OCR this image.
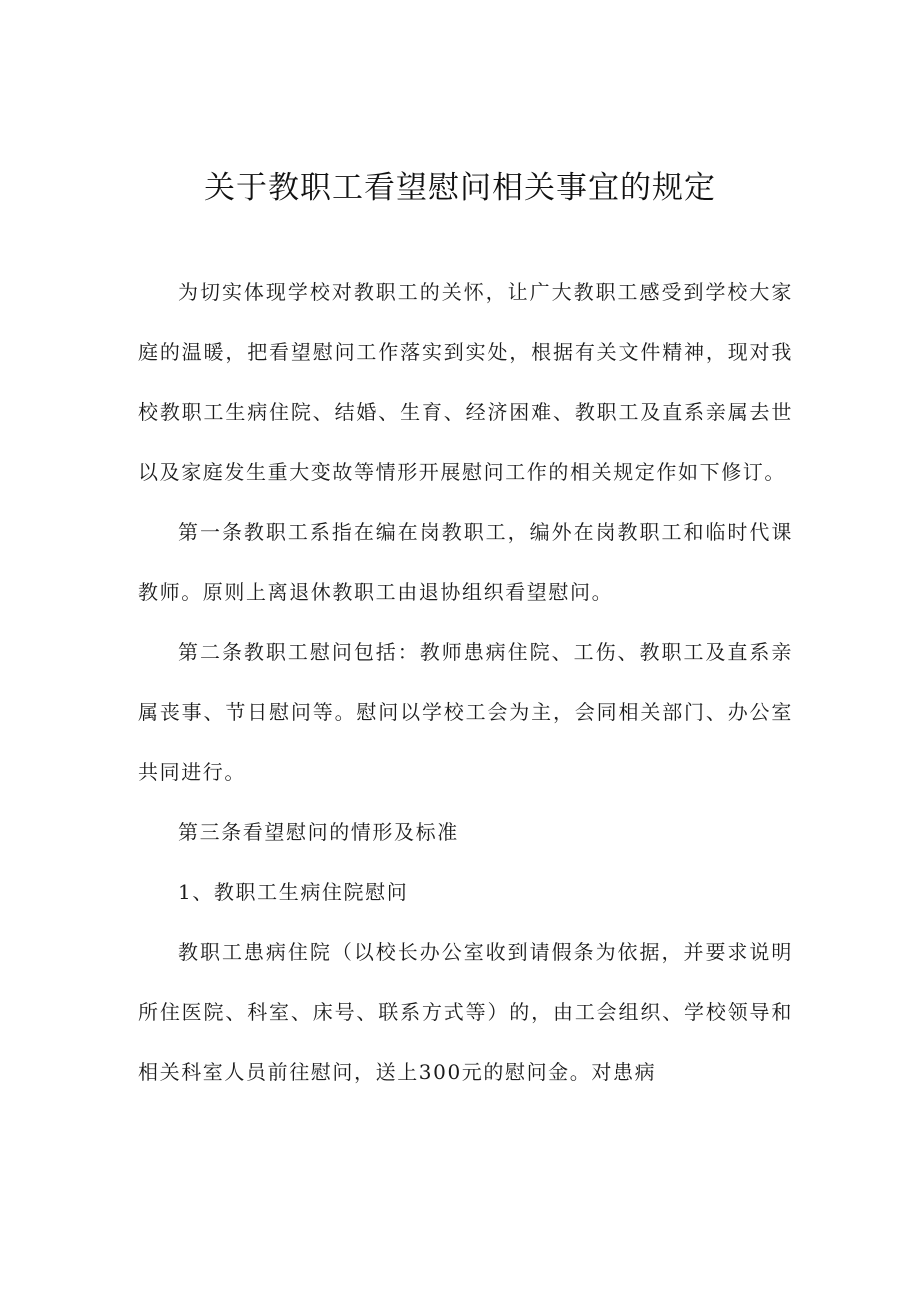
关于教职工看望慰问相关事宜的规定

为切实体现学校对教职工的关怀，让广大教职工感受到学校大家庭的温暖，把看望慰问工作落实到实处，根据有关文件精神，现对我校教职工生病住院、结婚、生育、经济困难、教职工及直系亲属去世以及家庭发生重大变故等情形开展慰问工作的相关规定作如下修订。

第一条教职工系指在编在岗教职工，编外在岗教职工和临时代课教师。原则上离退休教职工由退协组织看望慰问。

第二条教职工慰问包括：教师患病住院、工伤、教职工及直系亲属丧事、节日慰问等。慰问以学校工会为主，会同相关部门、办公室共同进行。

第三条看望慰问的情形及标准

1、教职工生病住院慰问

教职工患病住院（以校长办公室收到请假条为依据，并要求说明所住医院、科室、床号、联系方式等）的，由工会组织、学校领导和相关科室人员前往慰问，送上300元的慰问金。对患病
